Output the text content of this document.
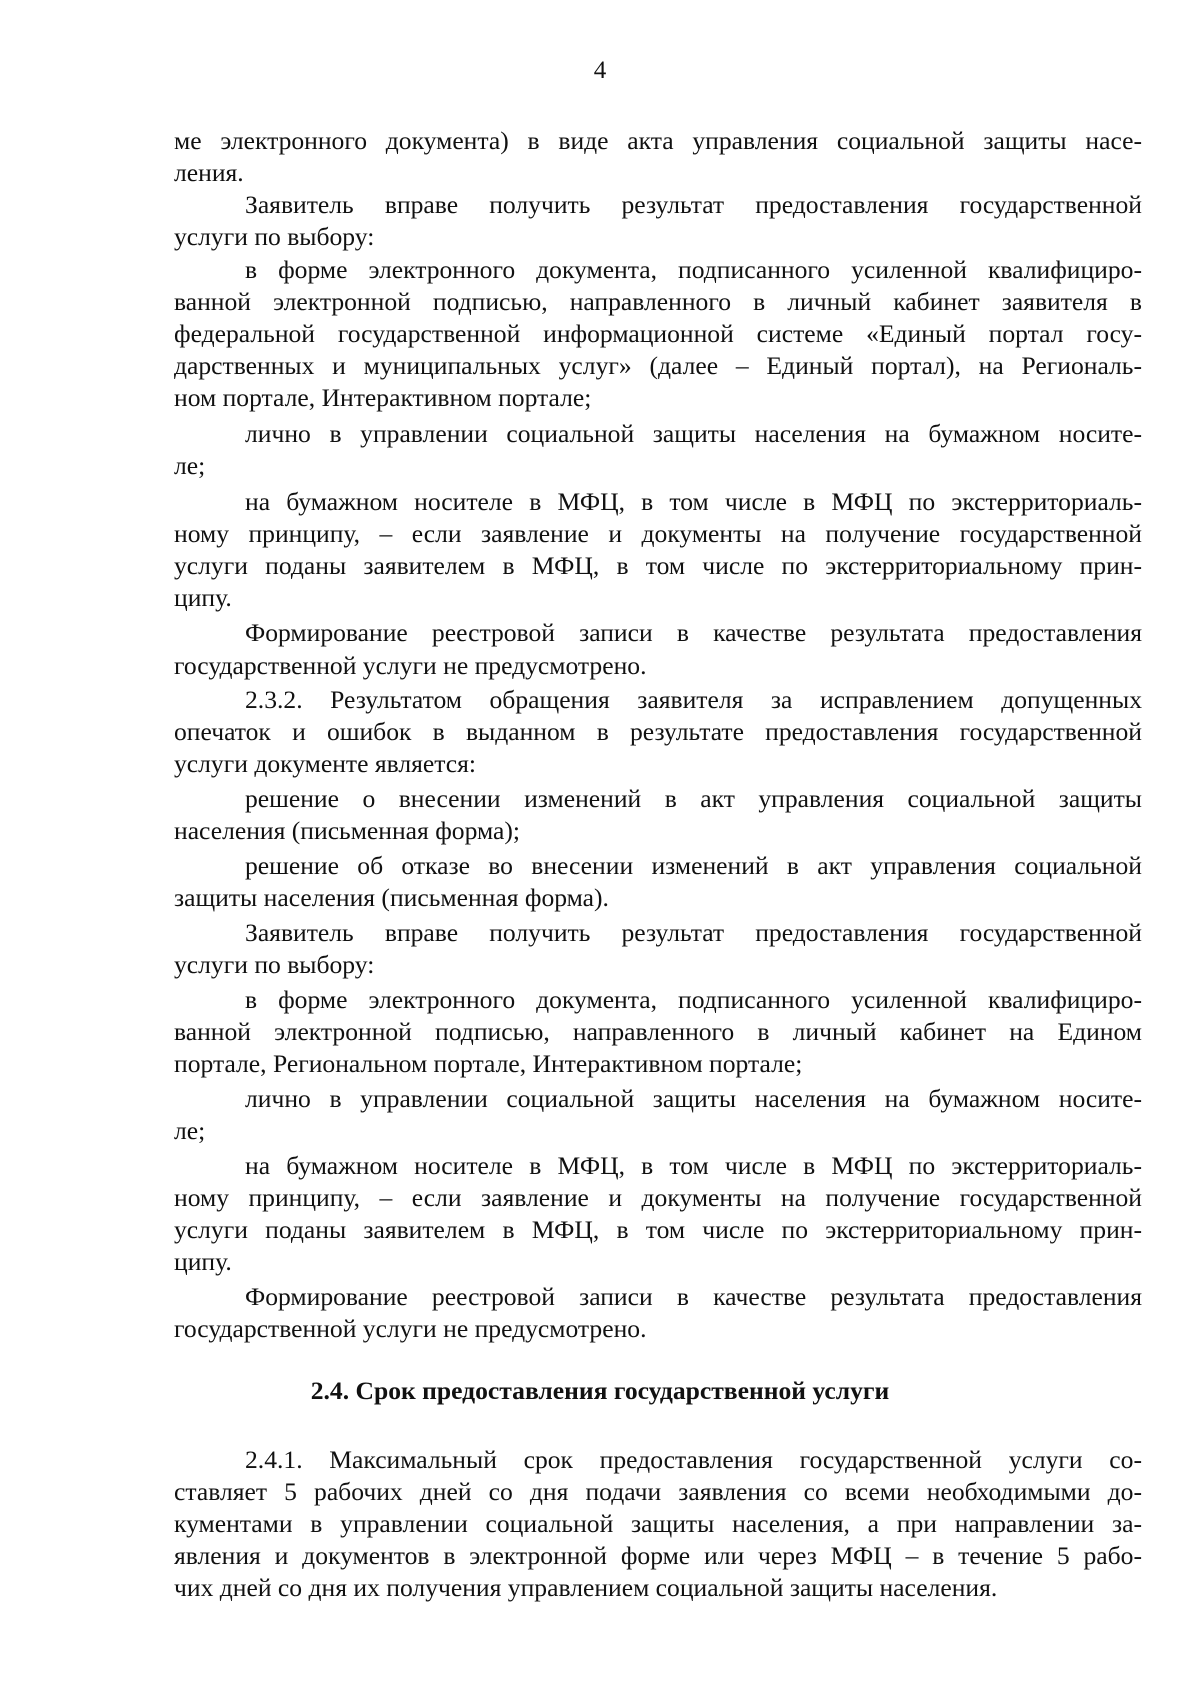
4
ме электронного документа) в виде акта управления социальной защиты насе-
ления.
Заявитель вправе получить результат предоставления государственной
услуги по выбору:
в форме электронного документа, подписанного усиленной квалифициро-
ванной электронной подписью, направленного в личный кабинет заявителя в
федеральной государственной информационной системе «Единый портал госу-
дарственных и муниципальных услуг» (далее – Единый портал), на Региональ-
ном портале, Интерактивном портале;
лично в управлении социальной защиты населения на бумажном носите-
ле;
на бумажном носителе в МФЦ, в том числе в МФЦ по экстерриториаль-
ному принципу, – если заявление и документы на получение государственной
услуги поданы заявителем в МФЦ, в том числе по экстерриториальному прин-
ципу.
Формирование реестровой записи в качестве результата предоставления
государственной услуги не предусмотрено.
2.3.2. Результатом обращения заявителя за исправлением допущенных
опечаток и ошибок в выданном в результате предоставления государственной
услуги документе является:
решение о внесении изменений в акт управления социальной защиты
населения (письменная форма);
решение об отказе во внесении изменений в акт управления социальной
защиты населения (письменная форма).
Заявитель вправе получить результат предоставления государственной
услуги по выбору:
в форме электронного документа, подписанного усиленной квалифициро-
ванной электронной подписью, направленного в личный кабинет на Едином
портале, Региональном портале, Интерактивном портале;
лично в управлении социальной защиты населения на бумажном носите-
ле;
на бумажном носителе в МФЦ, в том числе в МФЦ по экстерриториаль-
ному принципу, – если заявление и документы на получение государственной
услуги поданы заявителем в МФЦ, в том числе по экстерриториальному прин-
ципу.
Формирование реестровой записи в качестве результата предоставления
государственной услуги не предусмотрено.
2.4. Срок предоставления государственной услуги
2.4.1. Максимальный срок предоставления государственной услуги со-
ставляет 5 рабочих дней со дня подачи заявления со всеми необходимыми до-
кументами в управлении социальной защиты населения, а при направлении за-
явления и документов в электронной форме или через МФЦ – в течение 5 рабо-
чих дней со дня их получения управлением социальной защиты населения.
